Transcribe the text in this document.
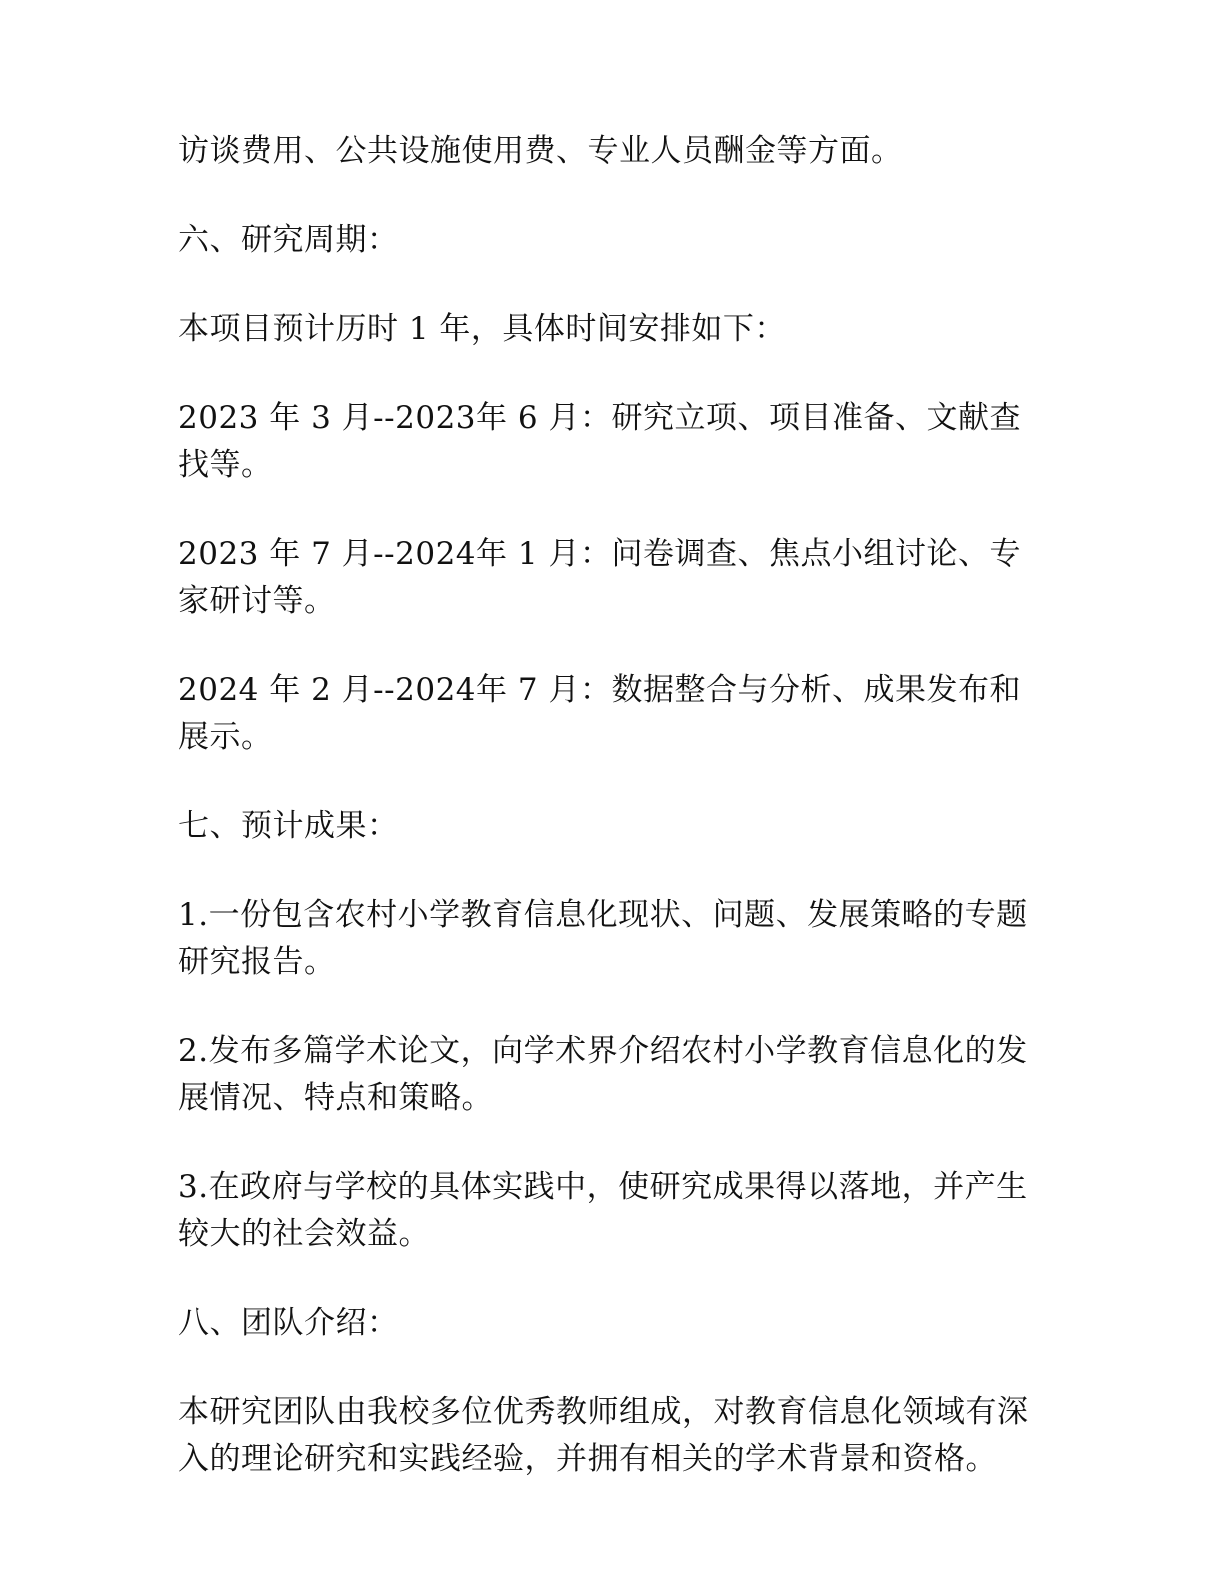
访谈费用、公共设施使用费、专业人员酬金等方面。

六、研究周期：

本项目预计历时 1 年，具体时间安排如下：

2023 年 3 月--2023年 6 月：研究立项、项目准备、文献查找等。

2023 年 7 月--2024年 1 月：问卷调查、焦点小组讨论、专家研讨等。

2024 年 2 月--2024年 7 月：数据整合与分析、成果发布和展示。

七、预计成果：

1.一份包含农村小学教育信息化现状、问题、发展策略的专题研究报告。

2.发布多篇学术论文，向学术界介绍农村小学教育信息化的发展情况、特点和策略。

3.在政府与学校的具体实践中，使研究成果得以落地，并产生较大的社会效益。

八、团队介绍：

本研究团队由我校多位优秀教师组成，对教育信息化领域有深入的理论研究和实践经验，并拥有相关的学术背景和资格。
